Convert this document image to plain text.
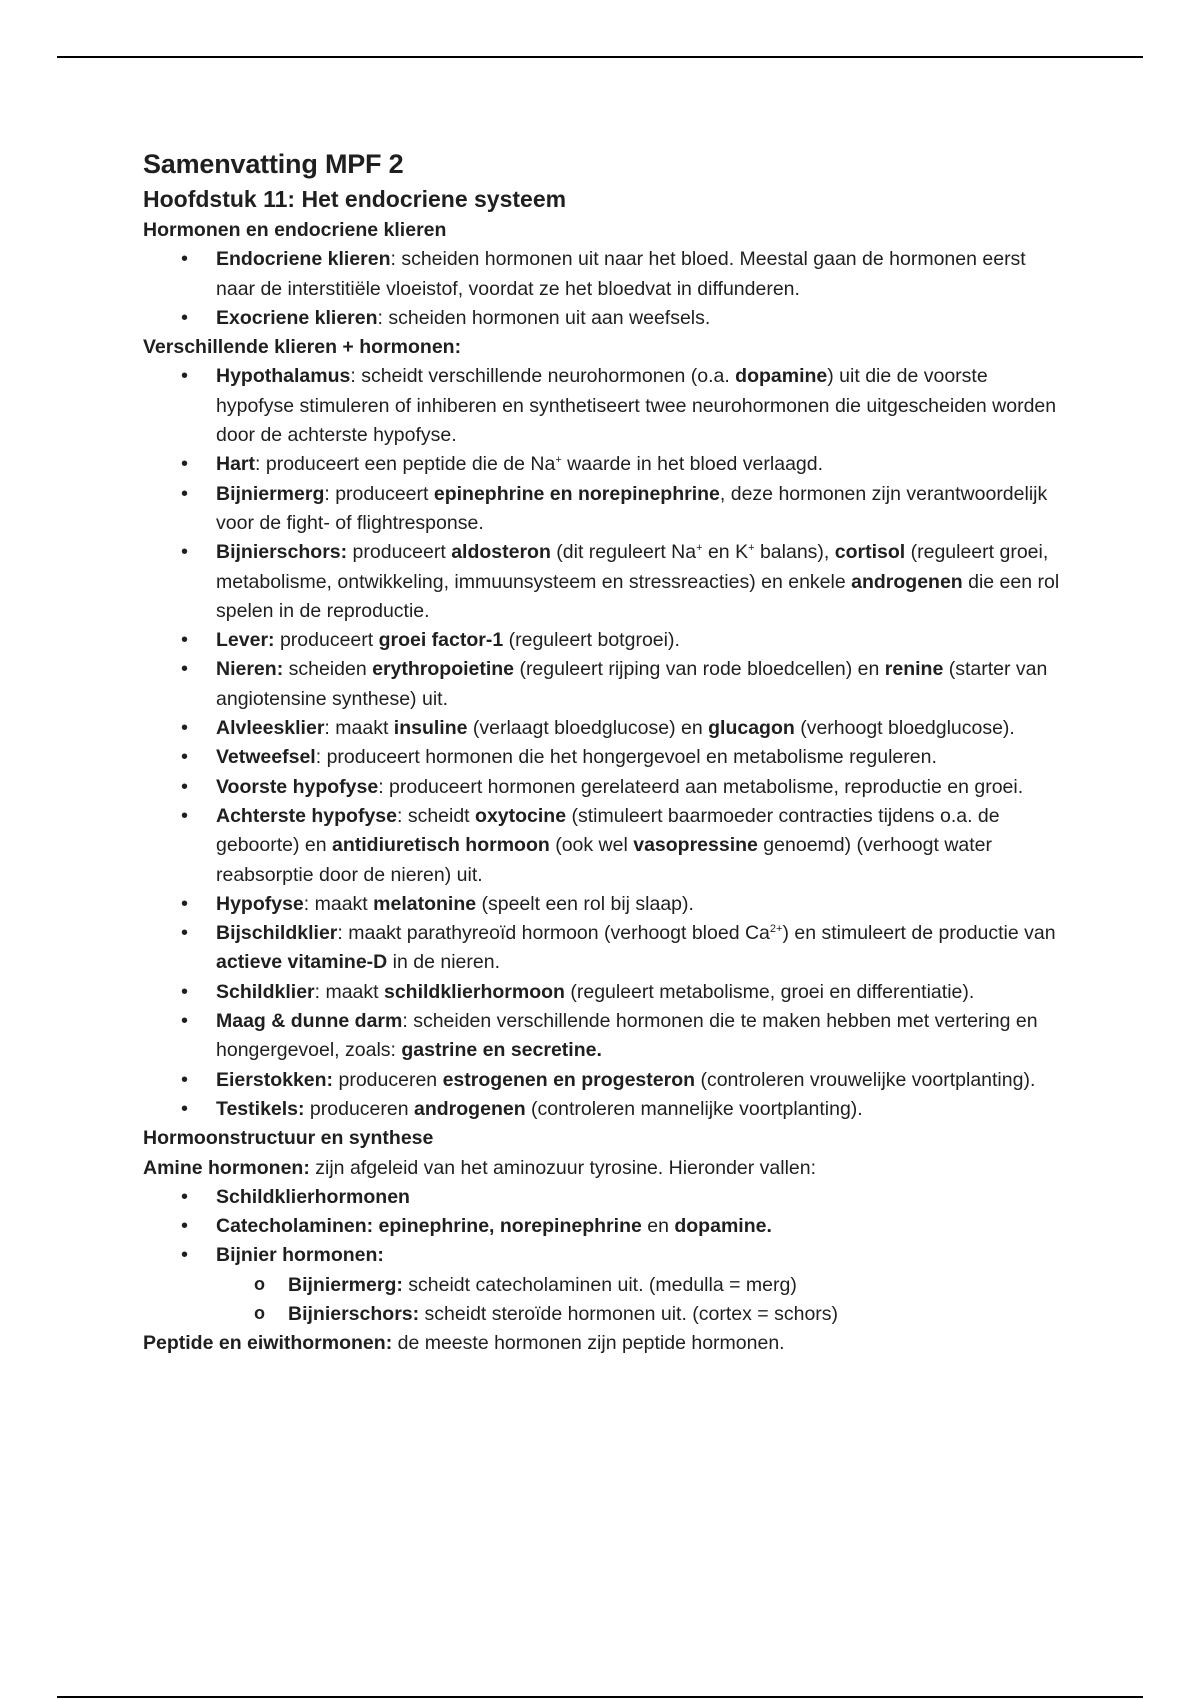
Samenvatting MPF 2
Hoofdstuk 11: Het endocriene systeem
Hormonen en endocriene klieren
• Endocriene klieren: scheiden hormonen uit naar het bloed. Meestal gaan de hormonen eerst naar de interstitiële vloeistof, voordat ze het bloedvat in diffunderen.
• Exocriene klieren: scheiden hormonen uit aan weefsels.
Verschillende klieren + hormonen:
• Hypothalamus: scheidt verschillende neurohormonen (o.a. dopamine) uit die de voorste hypofyse stimuleren of inhiberen en synthetiseert twee neurohormonen die uitgescheiden worden door de achterste hypofyse.
• Hart: produceert een peptide die de Na+ waarde in het bloed verlaagd.
• Bijniermerg: produceert epinephrine en norepinephrine, deze hormonen zijn verantwoordelijk voor de fight- of flightresponse.
• Bijnierschors: produceert aldosteron (dit reguleert Na+ en K+ balans), cortisol (reguleert groei, metabolisme, ontwikkeling, immuunsysteem en stressreacties) en enkele androgenen die een rol spelen in de reproductie.
• Lever: produceert groei factor-1 (reguleert botgroei).
• Nieren: scheiden erythropoietine (reguleert rijping van rode bloedcellen) en renine (starter van angiotensine synthese) uit.
• Alvleesklier: maakt insuline (verlaagt bloedglucose) en glucagon (verhoogt bloedglucose).
• Vetweefsel: produceert hormonen die het hongergevoel en metabolisme reguleren.
• Voorste hypofyse: produceert hormonen gerelateerd aan metabolisme, reproductie en groei.
• Achterste hypofyse: scheidt oxytocine (stimuleert baarmoeder contracties tijdens o.a. de geboorte) en antidiuretisch hormoon (ook wel vasopressine genoemd) (verhoogt water reabsorptie door de nieren) uit.
• Hypofyse: maakt melatonine (speelt een rol bij slaap).
• Bijschildklier: maakt parathyreoïd hormoon (verhoogt bloed $Ca^{2+}$) en stimuleert de productie van actieve vitamine-D in de nieren.
• Schildklier: maakt schildklierhormoon (reguleert metabolisme, groei en differentiatie).
• Maag & dunne darm: scheiden verschillende hormonen die te maken hebben met vertering en hongergevoel, zoals: gastrine en secretine.
• Eierstokken: produceren estrogenen en progesteron (controleren vrouwelijke voortplanting).
• Testikels: produceren androgenen (controleren mannelijke voortplanting).
Hormoonstructuur en synthese
Amine hormonen: zijn afgeleid van het aminozuur tyrosine. Hieronder vallen:
• Schildklierhormonen
• Catecholaminen: epinephrine, norepinephrine en dopamine.
• Bijnier hormonen:
o Bijniermerg: scheidt catecholaminen uit. (medulla = merg)
o Bijnierschors: scheidt steroïde hormonen uit. (cortex = schors)
Peptide en eiwithormonen: de meeste hormonen zijn peptide hormonen.
